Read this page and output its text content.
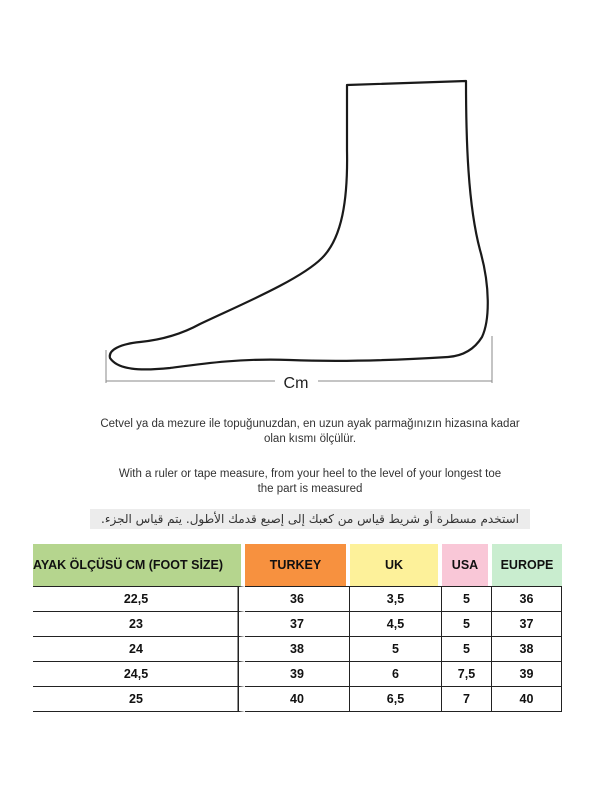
Cm
Cetvel ya da mezure ile topuğunuzdan, en uzun ayak parmağınızın hizasına kadar
olan kısmı ölçülür.
With a ruler or tape measure, from your heel to the level of your longest toe
the part is measured
استخدم مسطرة أو شريط قياس من كعبك إلى إصبع قدمك الأطول. يتم قياس الجزء.
AYAK ÖLÇÜSÜ CM (FOOT SİZE)	TURKEY	UK	USA	EUROPE
22,5	36	3,5	5	36
23	37	4,5	5	37
24	38	5	5	38
24,5	39	6	7,5	39
25	40	6,5	7	40
